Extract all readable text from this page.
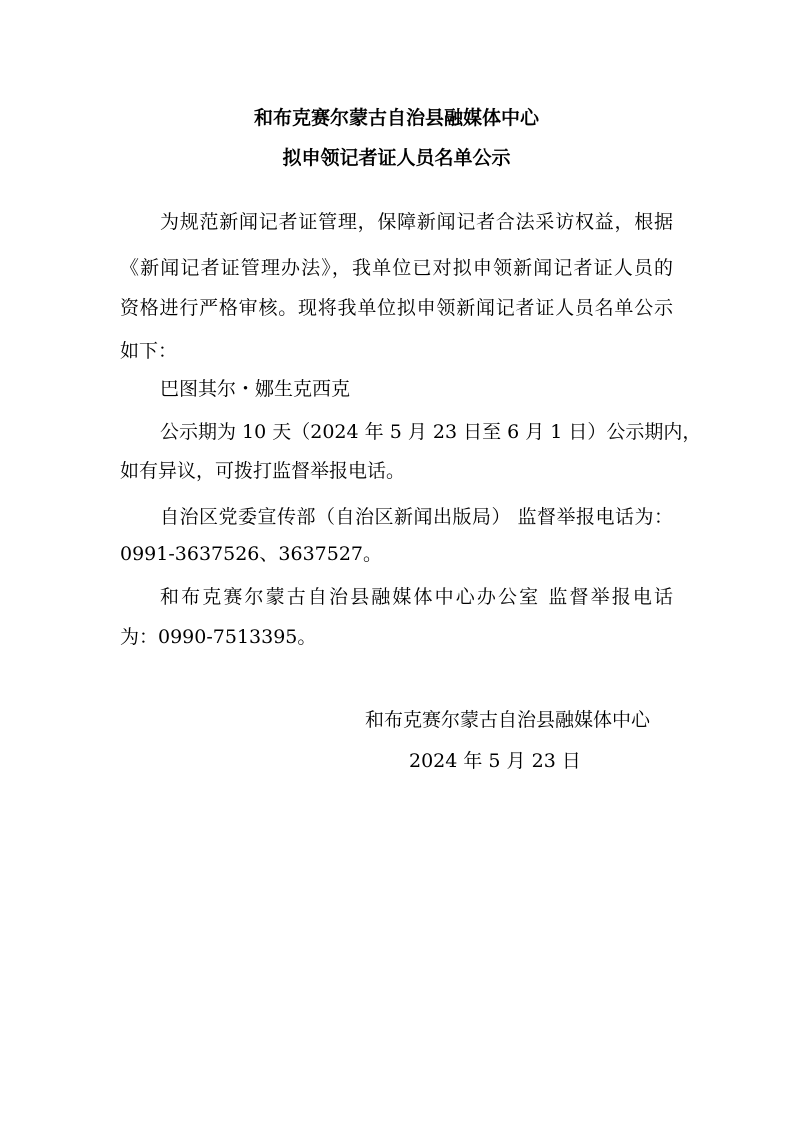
和布克赛尔蒙古自治县融媒体中心
拟申领记者证人员名单公示

为规范新闻记者证管理，保障新闻记者合法采访权益，根据

《新闻记者证管理办法》，我单位已对拟申领新闻记者证人员的

资格进行严格审核。现将我单位拟申领新闻记者证人员名单公示

如下：

巴图其尔・娜生克西克

公示期为 10 天（2024 年 5 月 23 日至 6 月 1 日）公示期内，

如有异议，可拨打监督举报电话。

自治区党委宣传部（自治区新闻出版局） 监督举报电话为：

0991-3637526、3637527。

和布克赛尔蒙古自治县融媒体中心办公室 监督举报电话

为：0990-7513395。

和布克赛尔蒙古自治县融媒体中心

2024 年 5 月 23 日
